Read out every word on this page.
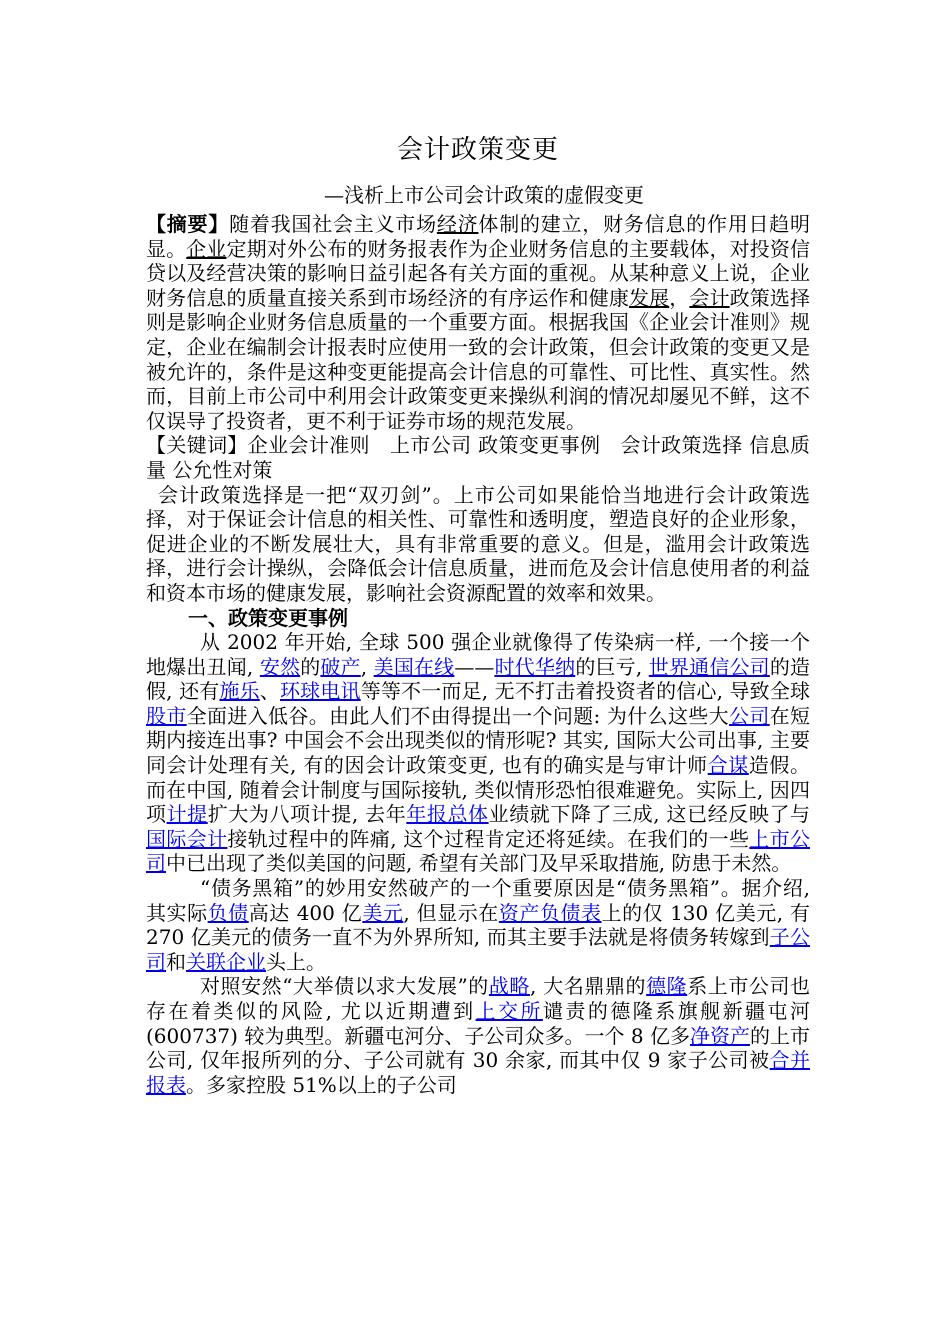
会计政策变更
—浅析上市公司会计政策的虚假变更

【摘要】随着我国社会主义市场经济体制的建立，财务信息的作用日趋明显。企业定期对外公布的财务报表作为企业财务信息的主要载体，对投资信贷以及经营决策的影响日益引起各有关方面的重视。从某种意义上说，企业财务信息的质量直接关系到市场经济的有序运作和健康发展，会计政策选择则是影响企业财务信息质量的一个重要方面。根据我国《企业会计准则》规定，企业在编制会计报表时应使用一致的会计政策，但会计政策的变更又是被允许的，条件是这种变更能提高会计信息的可靠性、可比性、真实性。然而，目前上市公司中利用会计政策变更来操纵利润的情况却屡见不鲜，这不仅误导了投资者，更不利于证券市场的规范发展。

【关键词】企业会计准则   上市公司 政策变更事例   会计政策选择 信息质量 公允性对策

会计政策选择是一把“双刃剑”。上市公司如果能恰当地进行会计政策选择，对于保证会计信息的相关性、可靠性和透明度，塑造良好的企业形象，促进企业的不断发展壮大，具有非常重要的意义。但是，滥用会计政策选择，进行会计操纵，会降低会计信息质量，进而危及会计信息使用者的利益和资本市场的健康发展，影响社会资源配置的效率和效果。

一、政策变更事例

从 2002 年开始, 全球 500 强企业就像得了传染病一样, 一个接一个地爆出丑闻, 安然的破产, 美国在线——时代华纳的巨亏, 世界通信公司的造假, 还有施乐、环球电讯等等不一而足, 无不打击着投资者的信心, 导致全球股市全面进入低谷。由此人们不由得提出一个问题: 为什么这些大公司在短期内接连出事? 中国会不会出现类似的情形呢? 其实, 国际大公司出事, 主要同会计处理有关, 有的因会计政策变更, 也有的确实是与审计师合谋造假。而在中国, 随着会计制度与国际接轨, 类似情形恐怕很难避免。实际上, 因四项计提扩大为八项计提, 去年年报总体业绩就下降了三成, 这已经反映了与国际会计接轨过程中的阵痛, 这个过程肯定还将延续。在我们的一些上市公司中已出现了类似美国的问题, 希望有关部门及早采取措施, 防患于未然。

“债务黑箱”的妙用安然破产的一个重要原因是“债务黑箱”。据介绍, 其实际负债高达 400 亿美元, 但显示在资产负债表上的仅 130 亿美元, 有 270 亿美元的债务一直不为外界所知, 而其主要手法就是将债务转嫁到子公司和关联企业头上。

对照安然“大举债以求大发展”的战略, 大名鼎鼎的德隆系上市公司也存在着类似的风险, 尤以近期遭到上交所谴责的德隆系旗舰新疆屯河 (600737) 较为典型。新疆屯河分、子公司众多。一个 8 亿多净资产的上市公司, 仅年报所列的分、子公司就有 30 余家, 而其中仅 9 家子公司被合并报表。多家控股 51%以上的子公司
